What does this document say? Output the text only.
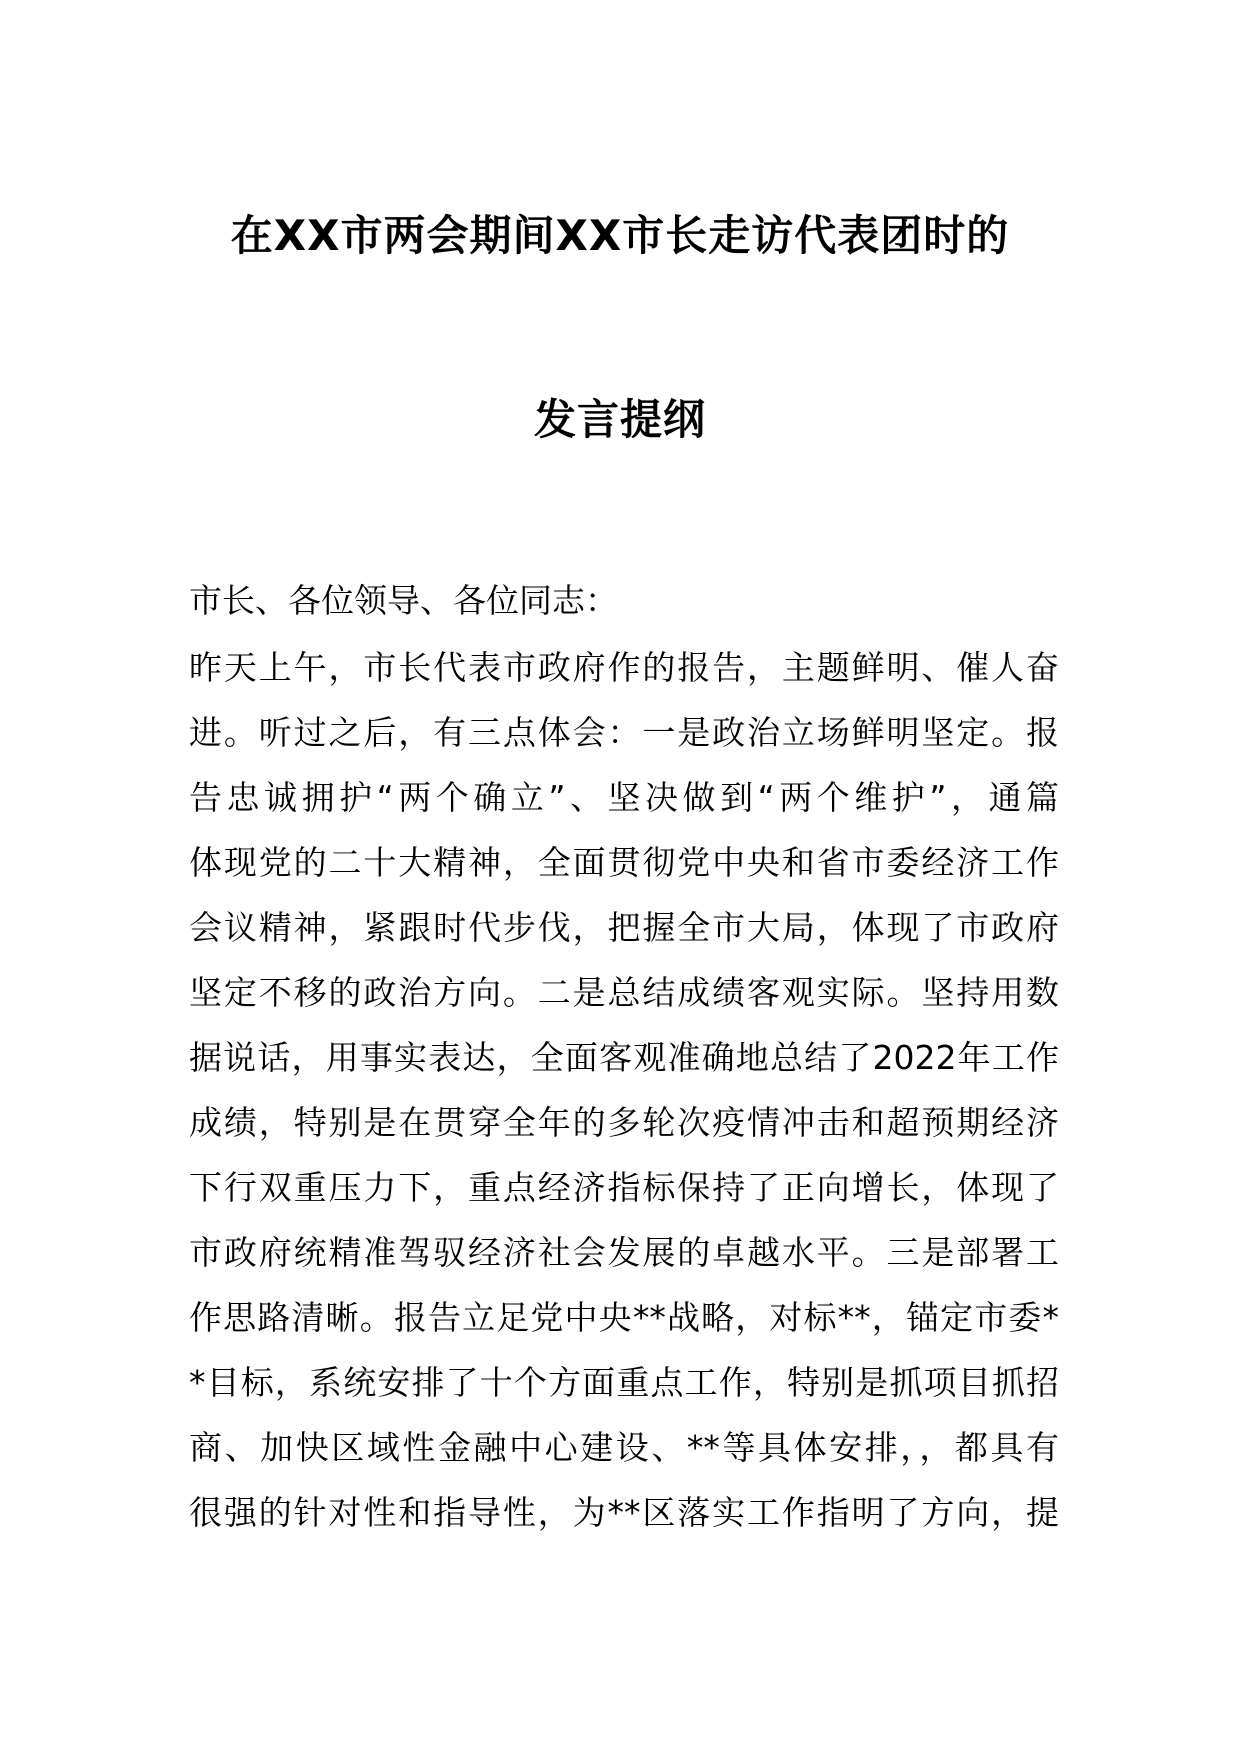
在XX市两会期间XX市长走访代表团时的
发言提纲
市长、各位领导、各位同志：
昨天上午，市长代表市政府作的报告，主题鲜明、催人奋
进。听过之后，有三点体会：一是政治立场鲜明坚定。报
告忠诚拥护“两个确立”、坚决做到“两个维护”，通篇
体现党的二十大精神，全面贯彻党中央和省市委经济工作
会议精神，紧跟时代步伐，把握全市大局，体现了市政府
坚定不移的政治方向。二是总结成绩客观实际。坚持用数
据说话，用事实表达，全面客观准确地总结了2022年工作
成绩，特别是在贯穿全年的多轮次疫情冲击和超预期经济
下行双重压力下，重点经济指标保持了正向增长，体现了
市政府统精准驾驭经济社会发展的卓越水平。三是部署工
作思路清晰。报告立足党中央**战略，对标**，锚定市委*
*目标，系统安排了十个方面重点工作，特别是抓项目抓招
商、加快区域性金融中心建设、**等具体安排，，都具有
很强的针对性和指导性，为**区落实工作指明了方向，提
